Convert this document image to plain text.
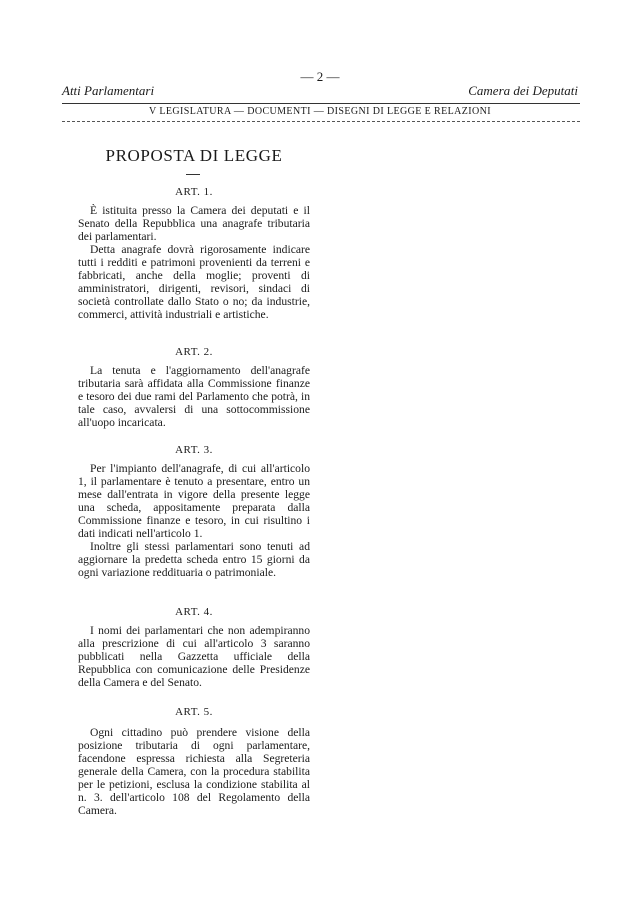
Atti Parlamentari
— 2 —
Camera dei Deputati
V LEGISLATURA — DOCUMENTI — DISEGNI DI LEGGE E RELAZIONI
PROPOSTA DI LEGGE
ART. 1.

È istituita presso la Camera dei deputati e il Senato della Repubblica una anagrafe tributaria dei parlamentari.

Detta anagrafe dovrà rigorosamente indicare tutti i redditi e patrimoni provenienti da terreni e fabbricati, anche della moglie; proventi di amministratori, dirigenti, revisori, sindaci di società controllate dallo Stato o no; da industrie, commerci, attività industriali e artistiche.

ART. 2.

La tenuta e l'aggiornamento dell'anagrafe tributaria sarà affidata alla Commissione finanze e tesoro dei due rami del Parlamento che potrà, in tale caso, avvalersi di una sottocommissione all'uopo incaricata.

ART. 3.

Per l'impianto dell'anagrafe, di cui all'articolo 1, il parlamentare è tenuto a presentare, entro un mese dall'entrata in vigore della presente legge una scheda, appositamente preparata dalla Commissione finanze e tesoro, in cui risultino i dati indicati nell'articolo 1.

Inoltre gli stessi parlamentari sono tenuti ad aggiornare la predetta scheda entro 15 giorni da ogni variazione reddituaria o patrimoniale.

ART. 4.

I nomi dei parlamentari che non adempiranno alla prescrizione di cui all'articolo 3 saranno pubblicati nella Gazzetta ufficiale della Repubblica con comunicazione delle Presidenze della Camera e del Senato.

ART. 5.

Ogni cittadino può prendere visione della posizione tributaria di ogni parlamentare, facendone espressa richiesta alla Segreteria generale della Camera, con la procedura stabilita per le petizioni, esclusa la condizione stabilita al n. 3. dell'articolo 108 del Regolamento della Camera.
